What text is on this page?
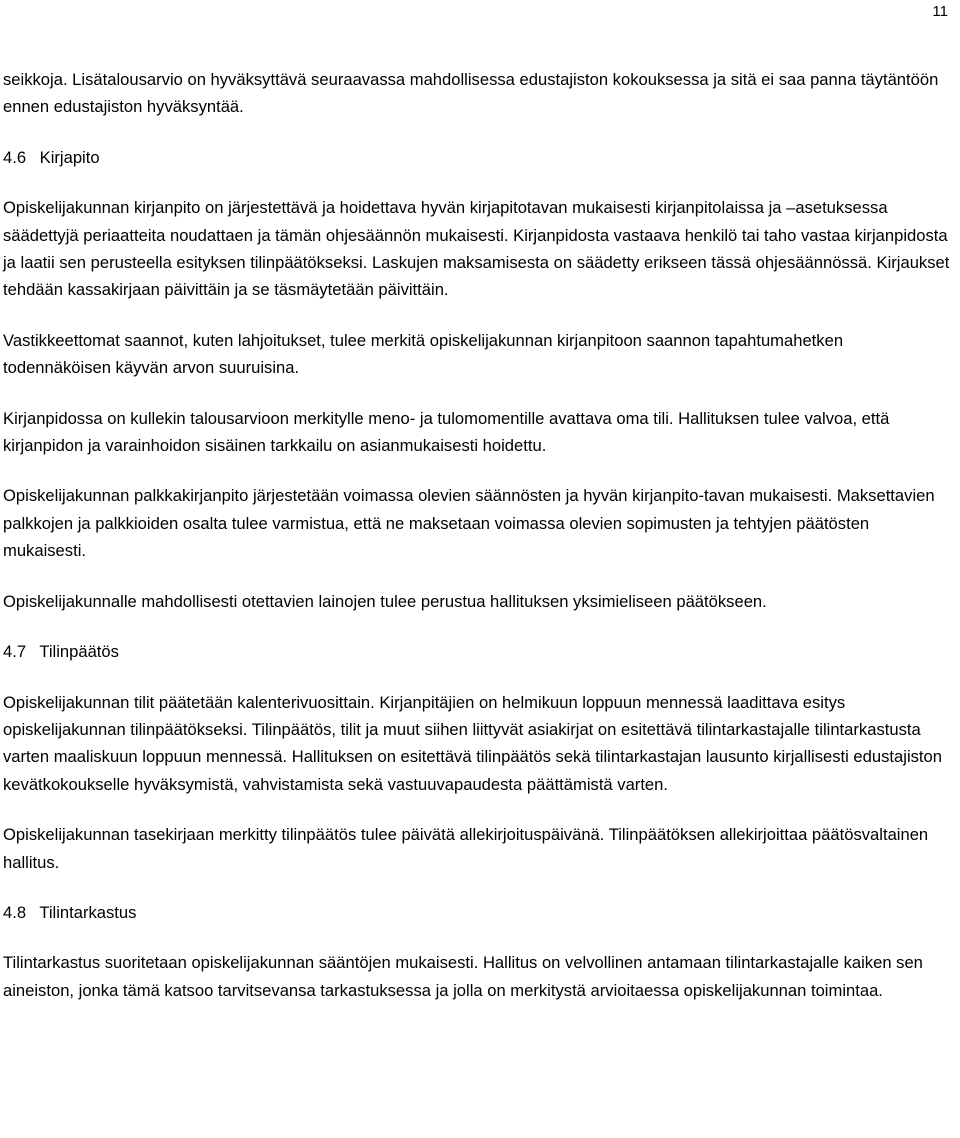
11

seikkoja. Lisätalousarvio on hyväksyttävä seuraavassa mahdollisessa edustajiston kokouksessa ja sitä ei saa panna täytäntöön ennen edustajiston hyväksyntää.

4.6 Kirjapito

Opiskelijakunnan kirjanpito on järjestettävä ja hoidettava hyvän kirjapitotavan mukaisesti kirjanpitolaissa ja –asetuksessa säädettyjä periaatteita noudattaen ja tämän ohjesäännön mukaisesti. Kirjanpidosta vastaava henkilö tai taho vastaa kirjanpidosta ja laatii sen perusteella esityksen tilinpäätökseksi. Laskujen maksamisesta on säädetty erikseen tässä ohjesäännössä. Kirjaukset tehdään kassakirjaan päivittäin ja se täsmäytetään päivittäin.

Vastikkeettomat saannot, kuten lahjoitukset, tulee merkitä opiskelijakunnan kirjanpitoon saannon tapahtumahetken todennäköisen käyvän arvon suuruisina.

Kirjanpidossa on kullekin talousarvioon merkitylle meno- ja tulomomentille avattava oma tili. Hallituksen tulee valvoa, että kirjanpidon ja varainhoidon sisäinen tarkkailu on asianmukaisesti hoidettu.

Opiskelijakunnan palkkakirjanpito järjestetään voimassa olevien säännösten ja hyvän kirjanpito-tavan mukaisesti. Maksettavien palkkojen ja palkkioiden osalta tulee varmistua, että ne maksetaan voimassa olevien sopimusten ja tehtyjen päätösten mukaisesti.

Opiskelijakunnalle mahdollisesti otettavien lainojen tulee perustua hallituksen yksimieliseen päätökseen.

4.7 Tilinpäätös

Opiskelijakunnan tilit päätetään kalenterivuosittain. Kirjanpitäjien on helmikuun loppuun mennessä laadittava esitys opiskelijakunnan tilinpäätökseksi. Tilinpäätös, tilit ja muut siihen liittyvät asiakirjat on esitettävä tilintarkastajalle tilintarkastusta varten maaliskuun loppuun mennessä. Hallituksen on esitettävä tilinpäätös sekä tilintarkastajan lausunto kirjallisesti edustajiston kevätkokoukselle hyväksymistä, vahvistamista sekä vastuuvapaudesta päättämistä varten.

Opiskelijakunnan tasekirjaan merkitty tilinpäätös tulee päivätä allekirjoituspäivänä. Tilinpäätöksen allekirjoittaa päätösvaltainen hallitus.

4.8 Tilintarkastus

Tilintarkastus suoritetaan opiskelijakunnan sääntöjen mukaisesti. Hallitus on velvollinen antamaan tilintarkastajalle kaiken sen aineiston, jonka tämä katsoo tarvitsevansa tarkastuksessa ja jolla on merkitystä arvioitaessa opiskelijakunnan toimintaa.
